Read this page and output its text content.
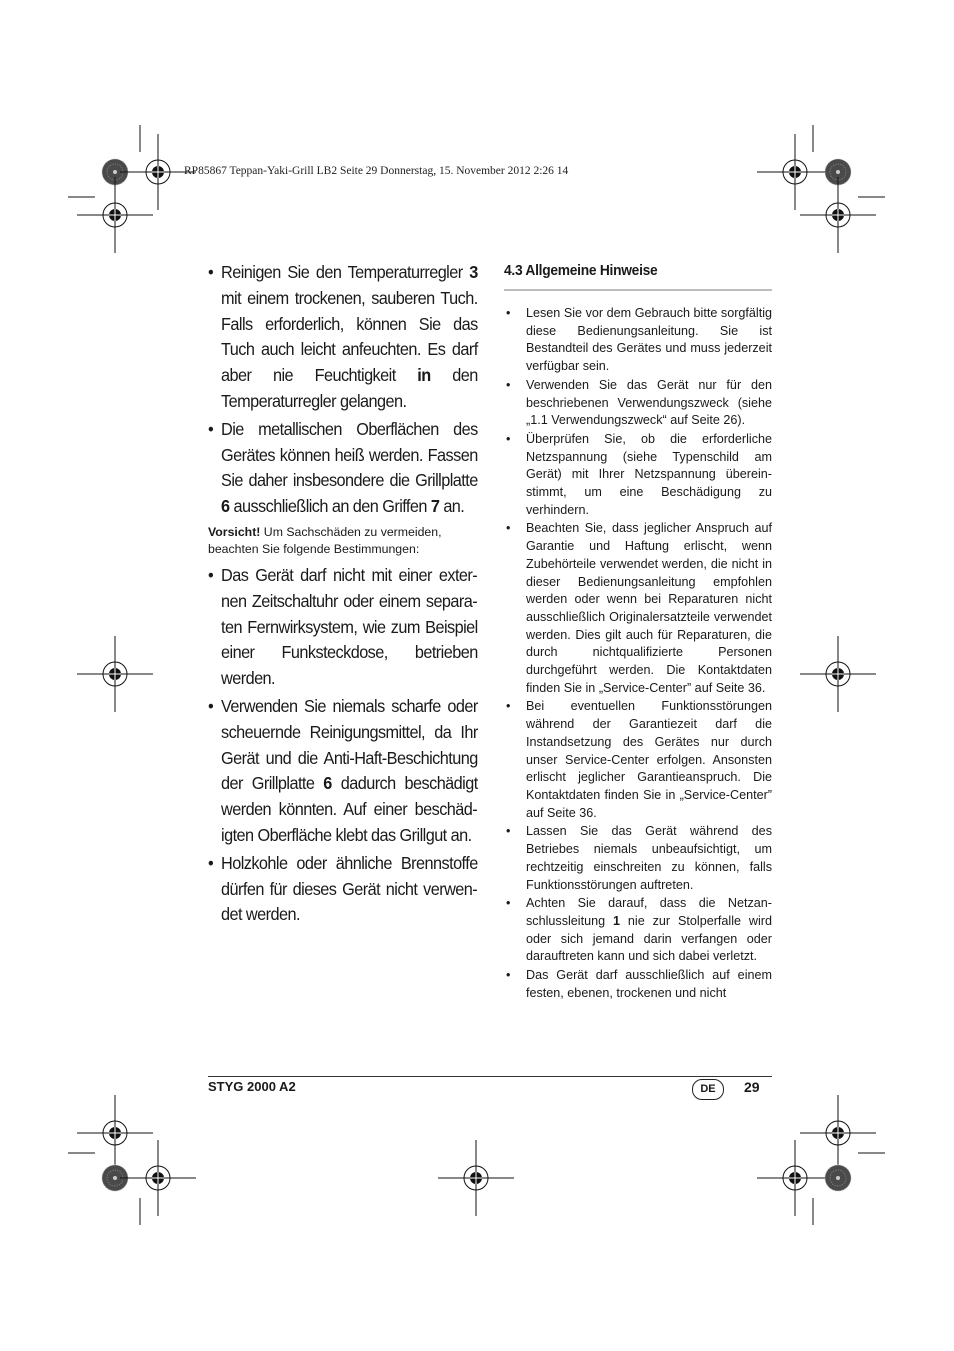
RP85867 Teppan-Yaki-Grill LB2 Seite 29 Donnerstag, 15. November 2012 2:26 14
• Reinigen Sie den Temperaturregler 3 mit einem trockenen, sauberen Tuch. Falls erforderlich, können Sie das Tuch auch leicht anfeuchten. Es darf aber nie Feuchtigkeit in den Temperaturregler gelangen.
• Die metallischen Oberflächen des Gerätes können heiß werden. Fassen Sie daher insbesondere die Grillplatte 6 ausschließlich an den Griffen 7 an.
Vorsicht! Um Sachschäden zu vermeiden, beachten Sie folgende Bestimmungen:
• Das Gerät darf nicht mit einer externen Zeitschaltuhr oder einem separaten Fernwirksystem, wie zum Beispiel einer Funksteckdose, betrieben werden.
• Verwenden Sie niemals scharfe oder scheuernde Reinigungsmittel, da Ihr Gerät und die Anti-Haft-Beschichtung der Grillplatte 6 dadurch beschädigt werden könnten. Auf einer beschädigten Oberfläche klebt das Grillgut an.
• Holzkohle oder ähnliche Brennstoffe dürfen für dieses Gerät nicht verwendet werden.
4.3 Allgemeine Hinweise
• Lesen Sie vor dem Gebrauch bitte sorgfältig diese Bedienungsanleitung. Sie ist Bestandteil des Gerätes und muss jederzeit verfügbar sein.
• Verwenden Sie das Gerät nur für den beschriebenen Verwendungszweck (siehe „1.1 Verwendungszweck“ auf Seite 26).
• Überprüfen Sie, ob die erforderliche Netzspannung (siehe Typenschild am Gerät) mit Ihrer Netzspannung übereinstimmt, um eine Beschädigung zu verhindern.
• Beachten Sie, dass jeglicher Anspruch auf Garantie und Haftung erlischt, wenn Zubehörteile verwendet werden, die nicht in dieser Bedienungsanleitung empfohlen werden oder wenn bei Reparaturen nicht ausschließlich Originalersatzteile verwendet werden. Dies gilt auch für Reparaturen, die durch nichtqualifizierte Personen durchgeführt werden. Die Kontaktdaten finden Sie in „Service-Center” auf Seite 36.
• Bei eventuellen Funktionsstörungen während der Garantiezeit darf die Instandsetzung des Gerätes nur durch unser Service-Center erfolgen. Ansonsten erlischt jeglicher Garantieanspruch. Die Kontaktdaten finden Sie in „Service-Center” auf Seite 36.
• Lassen Sie das Gerät während des Betriebes niemals unbeaufsichtigt, um rechtzeitig einschreiten zu können, falls Funktionsstörungen auftreten.
• Achten Sie darauf, dass die Netzanschlussleitung 1 nie zur Stolperfalle wird oder sich jemand darin verfangen oder darauftreten kann und sich dabei verletzt.
• Das Gerät darf ausschließlich auf einem festen, ebenen, trockenen und nicht
STYG 2000 A2	DE	29
